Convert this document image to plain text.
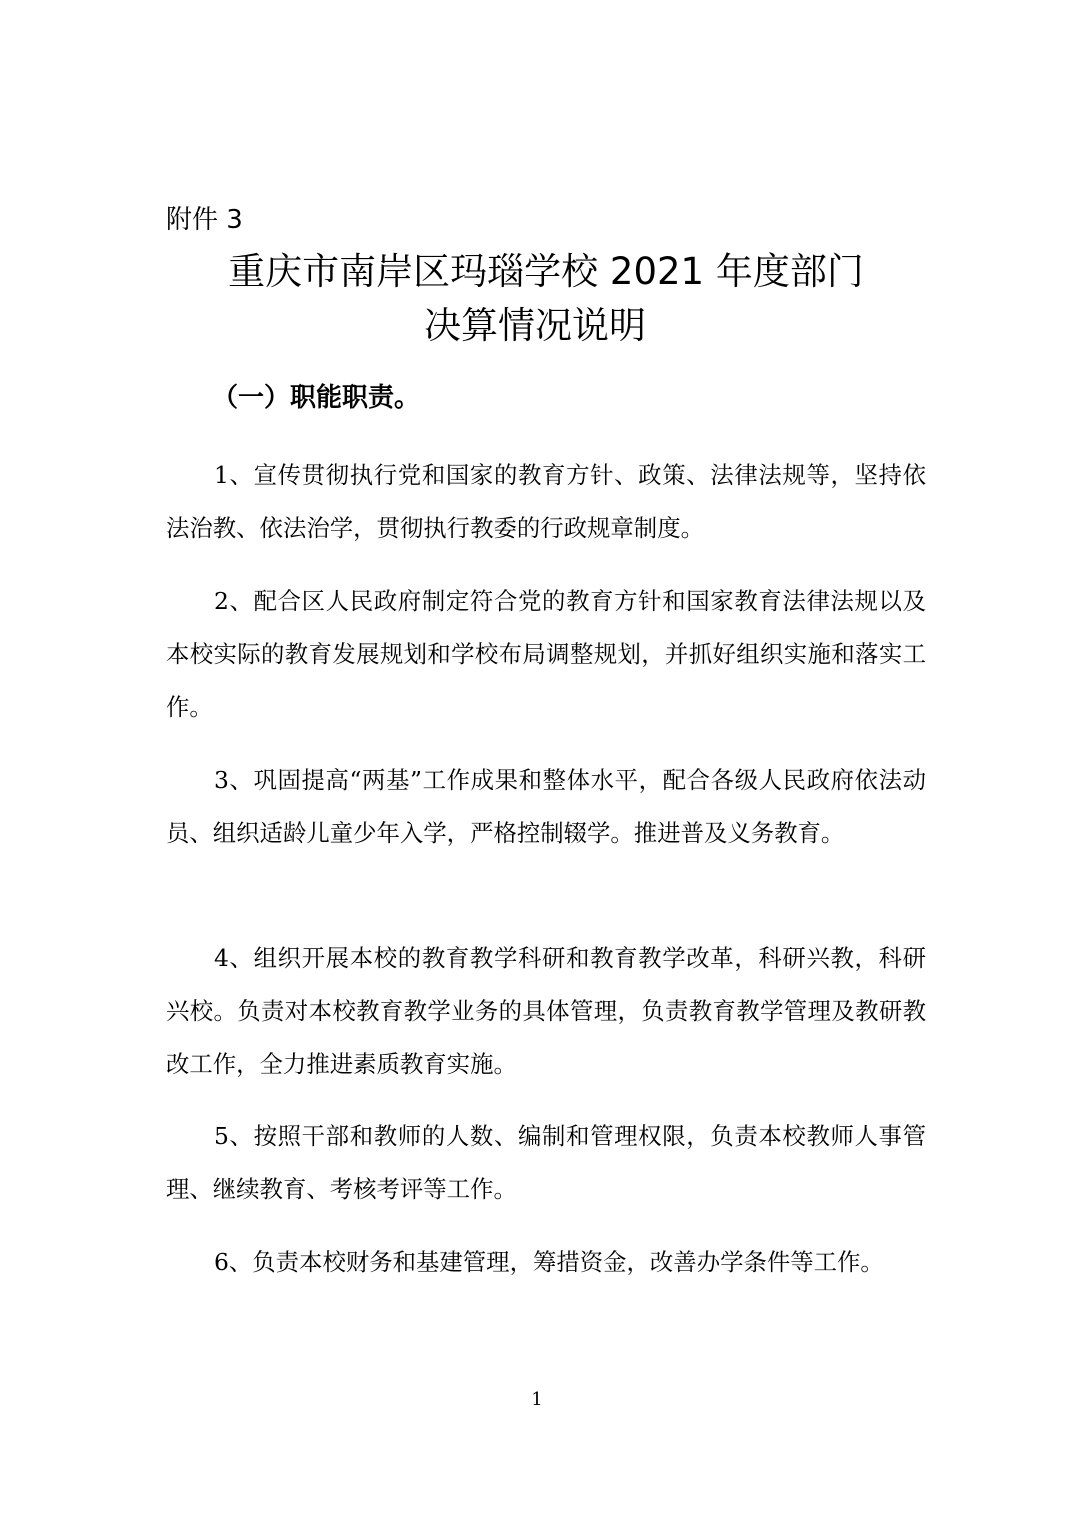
附件 3
重庆市南岸区玛瑙学校 2021 年度部门
决算情况说明
（一）职能职责。

1、宣传贯彻执行党和国家的教育方针、政策、法律法规等，坚持依法治教、依法治学，贯彻执行教委的行政规章制度。

2、配合区人民政府制定符合党的教育方针和国家教育法律法规以及本校实际的教育发展规划和学校布局调整规划，并抓好组织实施和落实工作。

3、巩固提高“两基”工作成果和整体水平，配合各级人民政府依法动员、组织适龄儿童少年入学，严格控制辍学。推进普及义务教育。

4、组织开展本校的教育教学科研和教育教学改革，科研兴教，科研兴校。负责对本校教育教学业务的具体管理，负责教育教学管理及教研教改工作，全力推进素质教育实施。

5、按照干部和教师的人数、编制和管理权限，负责本校教师人事管理、继续教育、考核考评等工作。

6、负责本校财务和基建管理，筹措资金，改善办学条件等工作。

1
